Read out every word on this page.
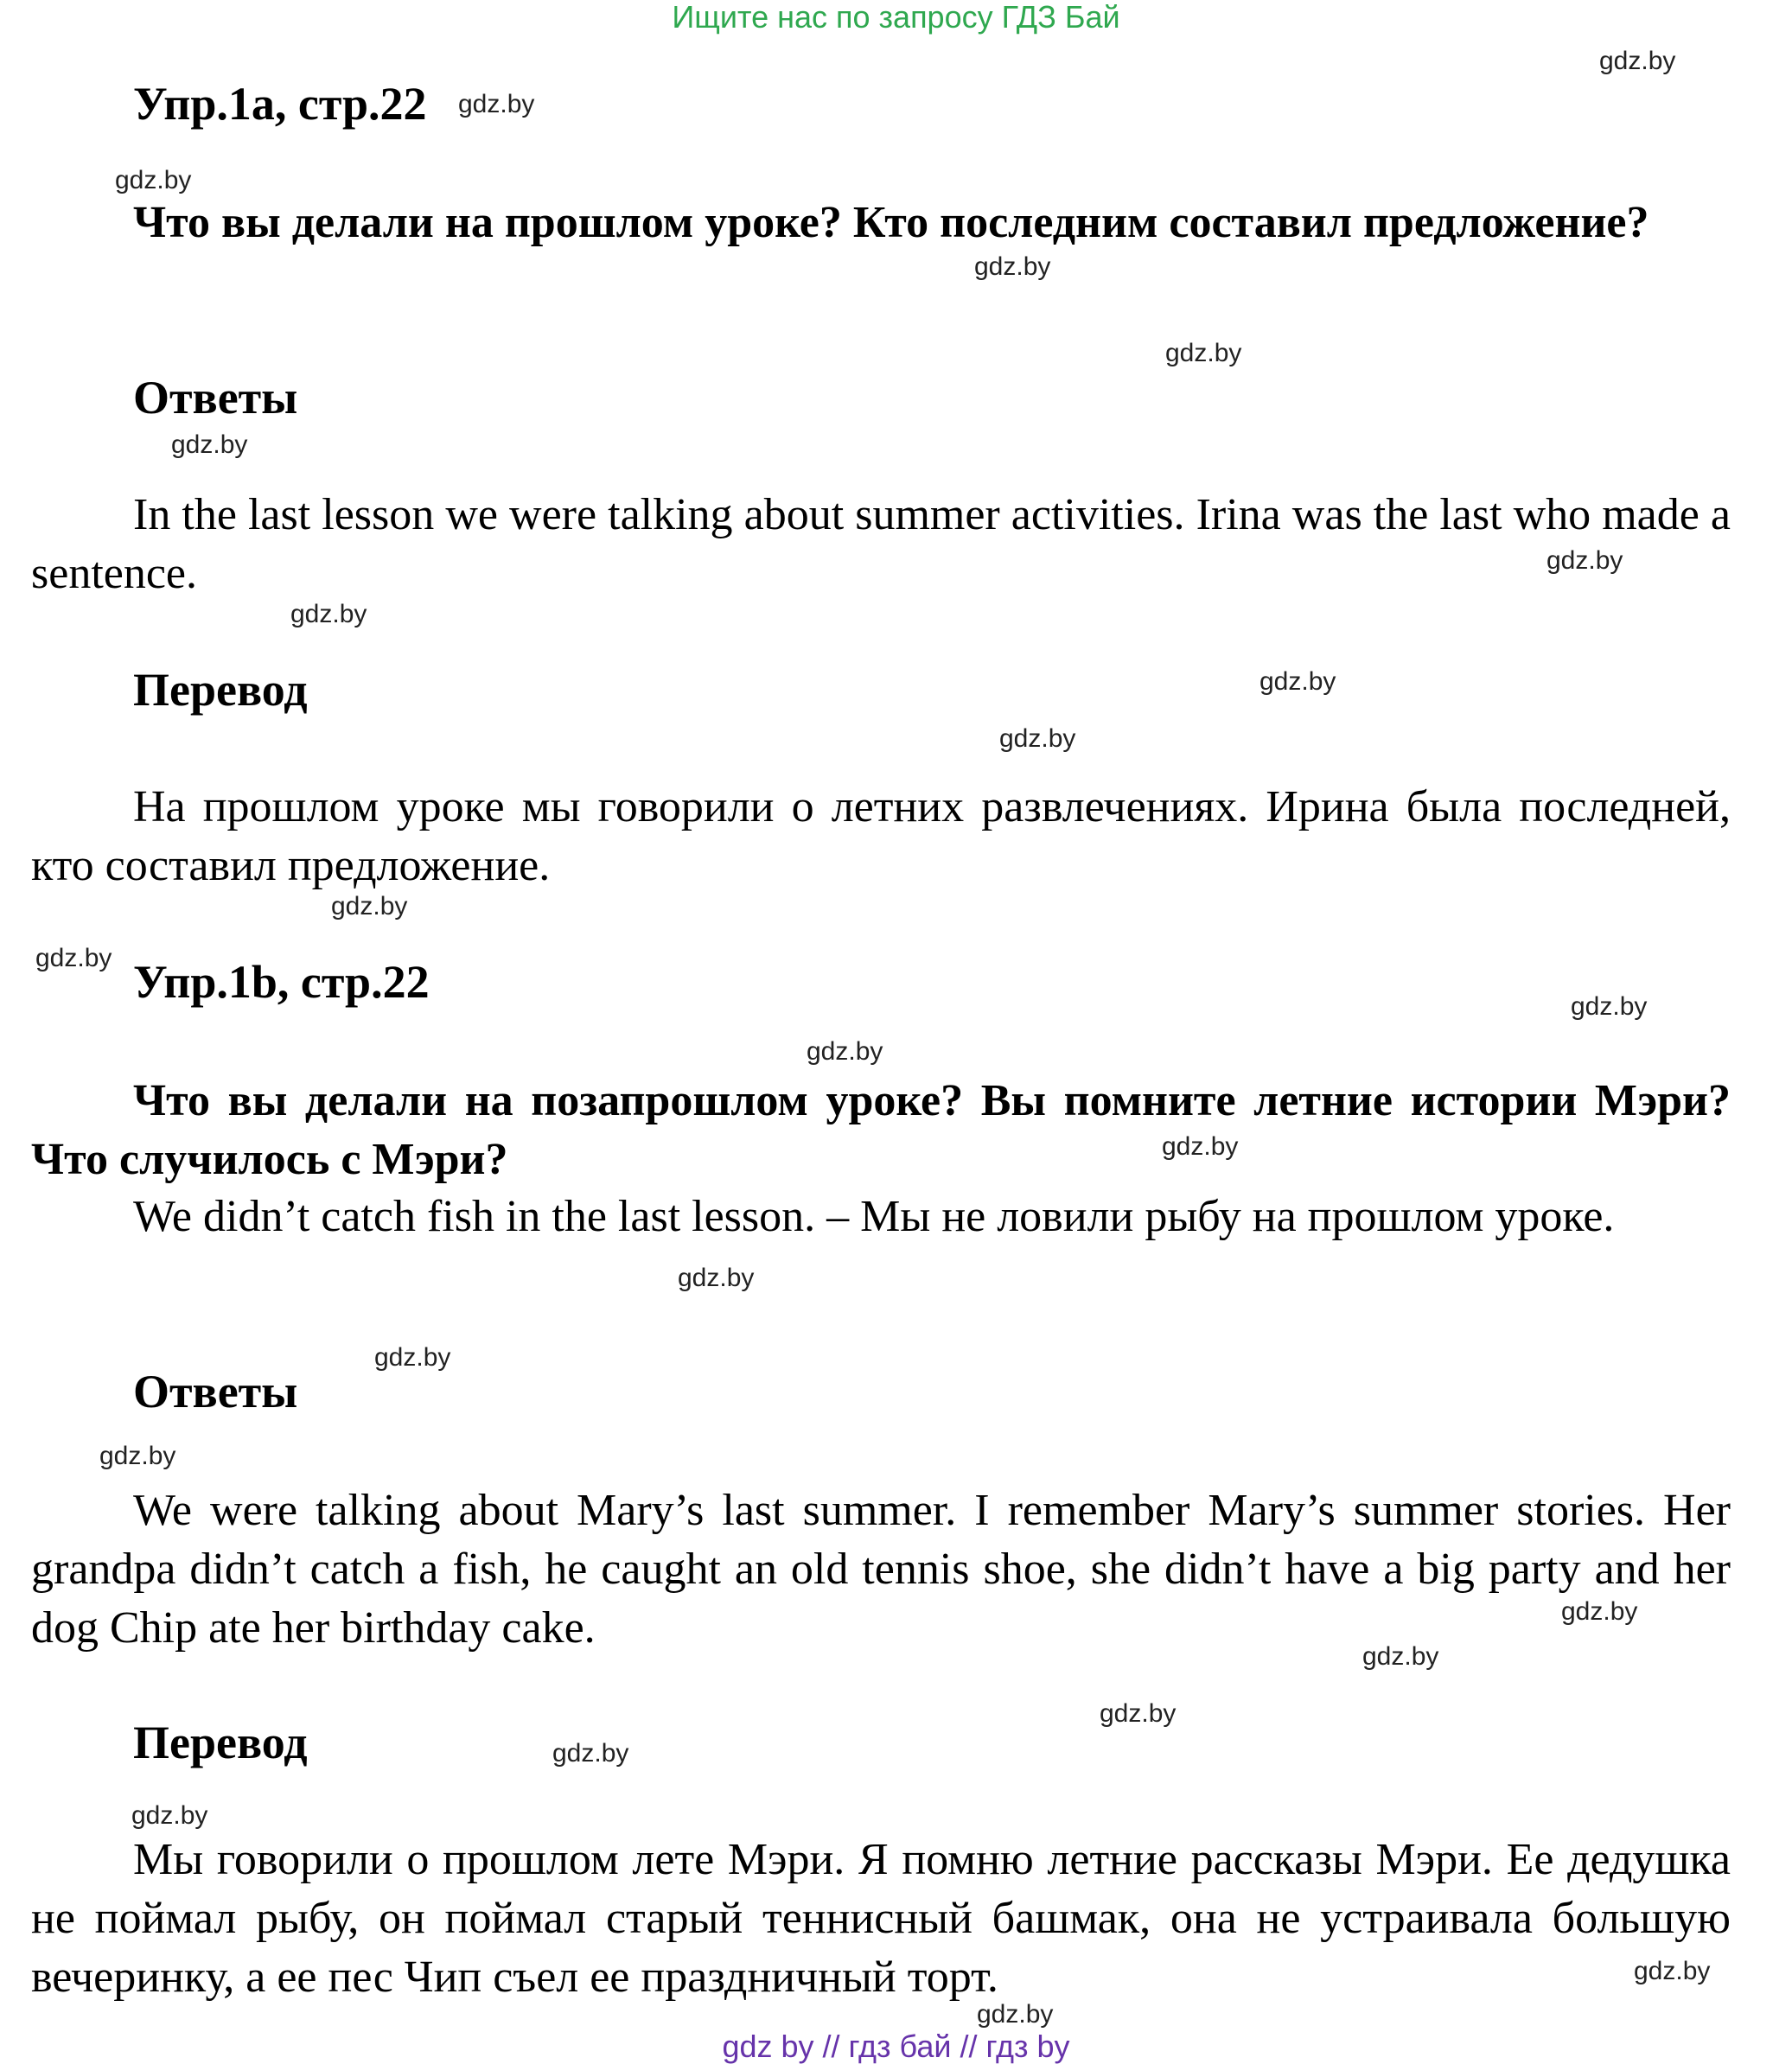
Ищите нас по запросу ГДЗ Бай
Упр.1а, стр.22
Что вы делали на прошлом уроке? Кто последним составил предложение?
Ответы
In the last lesson we were talking about summer activities. Irina was the last who made a sentence.
Перевод
На прошлом уроке мы говорили о летних развлечениях. Ирина была последней, кто составил предложение.
Упр.1b, стр.22
Что вы делали на позапрошлом уроке? Вы помните летние истории Мэри? Что случилось с Мэри?
We didn’t catch fish in the last lesson. – Мы не ловили рыбу на прошлом уроке.
Ответы
We were talking about Mary’s last summer. I remember Mary’s summer stories. Her grandpa didn’t catch a fish, he caught an old tennis shoe, she didn’t have a big party and her dog Chip ate her birthday cake.
Перевод
Мы говорили о прошлом лете Мэри. Я помню летние рассказы Мэри. Ее дедушка не поймал рыбу, он поймал старый теннисный башмак, она не устраивала большую вечеринку, а ее пес Чип съел ее праздничный торт.
gdz.by
gdz.by
gdz.by
gdz.by
gdz.by
gdz.by
gdz.by
gdz.by
gdz.by
gdz.by
gdz.by
gdz.by
gdz.by
gdz.by
gdz.by
gdz.by
gdz.by
gdz.by
gdz.by
gdz.by
gdz.by
gdz.by
gdz.by
gdz.by
gdz.by
gdz by // гдз бай // гдз by
